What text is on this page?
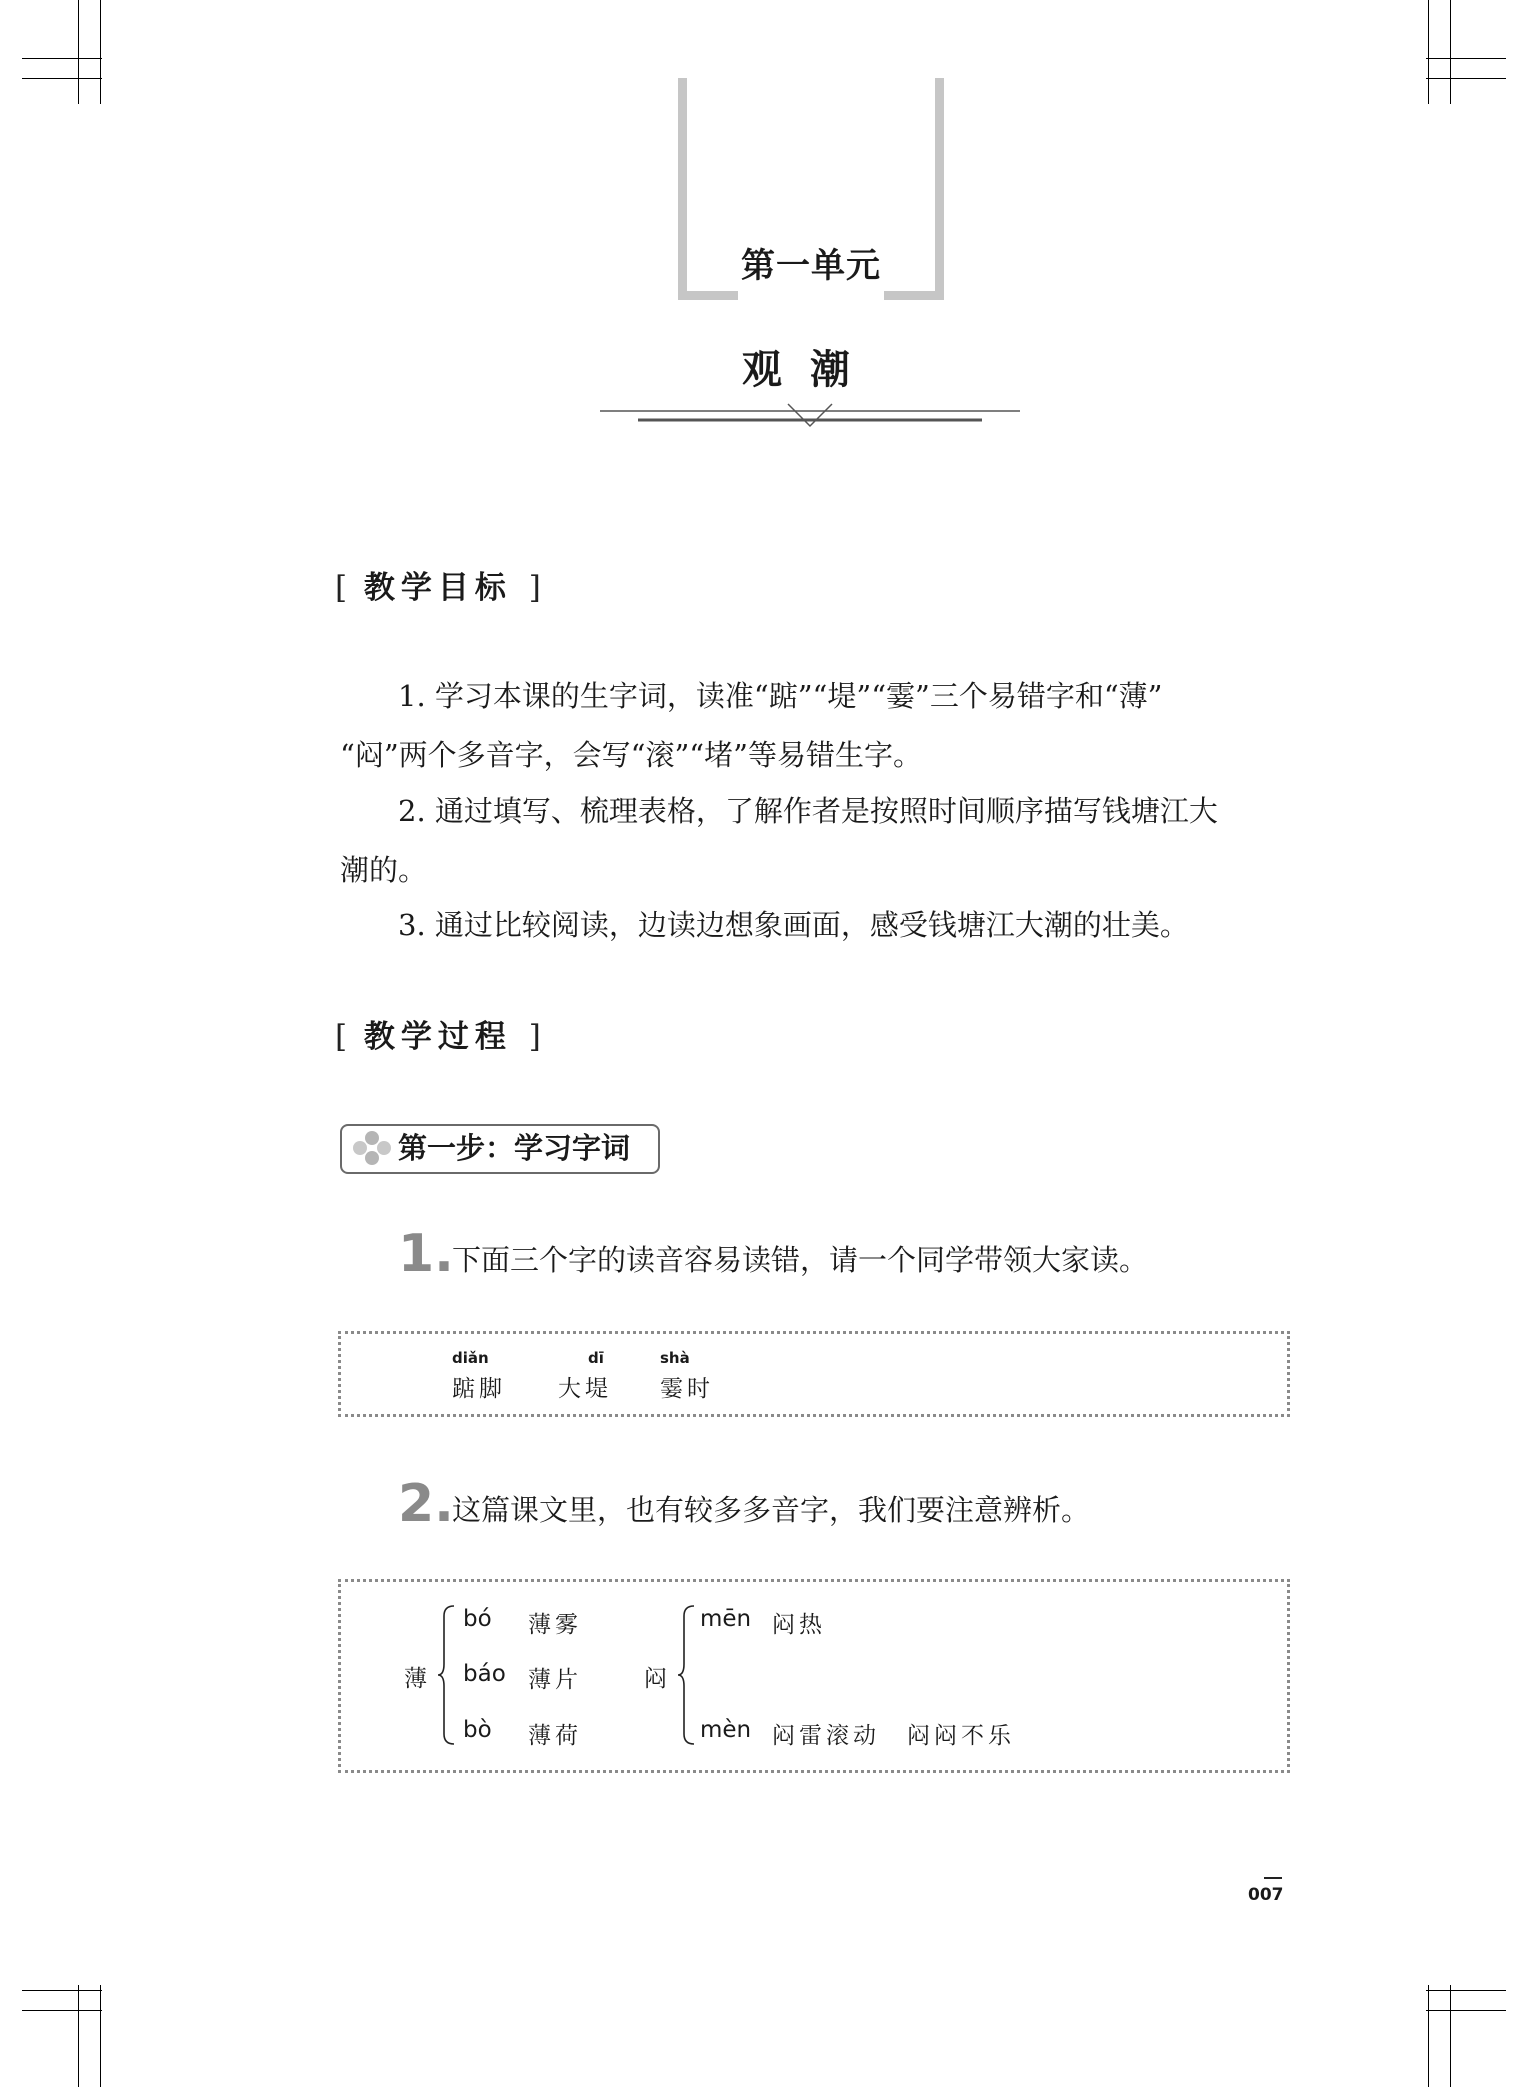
第一单元
观潮
[ 教学目标 ]
1. 学习本课的生字词，读准“踮”“堤”“霎”三个易错字和“薄”
“闷”两个多音字，会写“滚”“堵”等易错生字。
2. 通过填写、梳理表格，了解作者是按照时间顺序描写钱塘江大
潮的。
3. 通过比较阅读，边读边想象画面，感受钱塘江大潮的壮美。
[ 教学过程 ]
第一步：学习字词
1.
下面三个字的读音容易读错，请一个同学带领大家读。
diǎn
踮脚
dī
大堤
shà
霎时
2.
这篇课文里，也有较多多音字，我们要注意辨析。
薄
bó 薄雾
báo 薄片
bò 薄荷
闷
mēn 闷热
mèn 闷雷滚动　闷闷不乐
007
